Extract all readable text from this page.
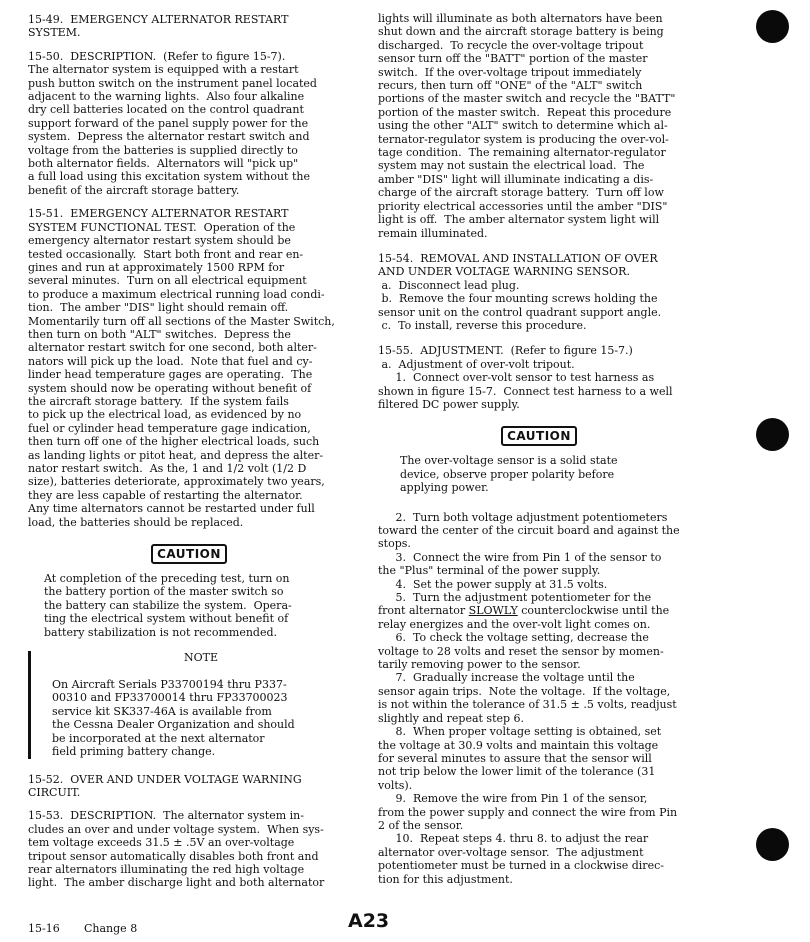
15-49.  EMERGENCY ALTERNATOR RESTART

SYSTEM.

15-50.  DESCRIPTION.  (Refer to figure 15-7).

The alternator system is equipped with a restart

push button switch on the instrument panel located

adjacent to the warning lights.  Also four alkaline

dry cell batteries located on the control quadrant

support forward of the panel supply power for the

system.  Depress the alternator restart switch and

voltage from the batteries is supplied directly to

both alternator fields.  Alternators will "pick up"

a full load using this excitation system without the

benefit of the aircraft storage battery.

15-51.  EMERGENCY ALTERNATOR RESTART

SYSTEM FUNCTIONAL TEST.  Operation of the

emergency alternator restart system should be

tested occasionally.  Start both front and rear en-

gines and run at approximately 1500 RPM for

several minutes.  Turn on all electrical equipment

to produce a maximum electrical running load condi-

tion.  The amber "DIS" light should remain off.

Momentarily turn off all sections of the Master Switch,

then turn on both "ALT" switches.  Depress the

alternator restart switch for one second, both alter-

nators will pick up the load.  Note that fuel and cy-

linder head temperature gages are operating.  The

system should now be operating without benefit of

the aircraft storage battery.  If the system fails

to pick up the electrical load, as evidenced by no

fuel or cylinder head temperature gage indication,

then turn off one of the higher electrical loads, such

as landing lights or pitot heat, and depress the alter-

nator restart switch.  As the, 1 and 1/2 volt (1/2 D

size), batteries deteriorate, approximately two years,

they are less capable of restarting the alternator.

Any time alternators cannot be restarted under full

load, the batteries should be replaced.

CAUTION

At completion of the preceding test, turn on

the battery portion of the master switch so

the battery can stabilize the system.  Opera-

ting the electrical system without benefit of

battery stabilization is not recommended.

NOTE

On Aircraft Serials P33700194 thru P337-

00310 and FP33700014 thru FP33700023

service kit SK337-46A is available from

the Cessna Dealer Organization and should

be incorporated at the next alternator

field priming battery change.

15-52.  OVER AND UNDER VOLTAGE WARNING

CIRCUIT.

15-53.  DESCRIPTION.  The alternator system in-

cludes an over and under voltage system.  When sys-

tem voltage exceeds 31.5 ± .5V an over-voltage

tripout sensor automatically disables both front and

rear alternators illuminating the red high voltage

light.  The amber discharge light and both alternator

lights will illuminate as both alternators have been

shut down and the aircraft storage battery is being

discharged.  To recycle the over-voltage tripout

sensor turn off the "BATT" portion of the master

switch.  If the over-voltage tripout immediately

recurs, then turn off "ONE" of the "ALT" switch

portions of the master switch and recycle the "BATT"

portion of the master switch.  Repeat this procedure

using the other "ALT" switch to determine which al-

ternator-regulator system is producing the over-vol-

tage condition.  The remaining alternator-regulator

system may not sustain the electrical load.  The

amber "DIS" light will illuminate indicating a dis-

charge of the aircraft storage battery.  Turn off low

priority electrical accessories until the amber "DIS"

light is off.  The amber alternator system light will

remain illuminated.

15-54.  REMOVAL AND INSTALLATION OF OVER

AND UNDER VOLTAGE WARNING SENSOR.

a.  Disconnect lead plug.

b.  Remove the four mounting screws holding the

sensor unit on the control quadrant support angle.

c.  To install, reverse this procedure.

15-55.  ADJUSTMENT.  (Refer to figure 15-7.)

a.  Adjustment of over-volt tripout.

1.  Connect over-volt sensor to test harness as

shown in figure 15-7.  Connect test harness to a well

filtered DC power supply.

CAUTION

The over-voltage sensor is a solid state

device, observe proper polarity before

applying power.

2.  Turn both voltage adjustment potentiometers

toward the center of the circuit board and against the

stops.

3.  Connect the wire from Pin 1 of the sensor to

the "Plus" terminal of the power supply.

4.  Set the power supply at 31.5 volts.

5.  Turn the adjustment potentiometer for the

front alternator SLOWLY counterclockwise until the

relay energizes and the over-volt light comes on.

6.  To check the voltage setting, decrease the

voltage to 28 volts and reset the sensor by momen-

tarily removing power to the sensor.

7.  Gradually increase the voltage until the

sensor again trips.  Note the voltage.  If the voltage,

is not within the tolerance of 31.5 ± .5 volts, readjust

slightly and repeat step 6.

8.  When proper voltage setting is obtained, set

the voltage at 30.9 volts and maintain this voltage

for several minutes to assure that the sensor will

not trip below the lower limit of the tolerance (31

volts).

9.  Remove the wire from Pin 1 of the sensor,

from the power supply and connect the wire from Pin

2 of the sensor.

10.  Repeat steps 4. thru 8. to adjust the rear

alternator over-voltage sensor.  The adjustment

potentiometer must be turned in a clockwise direc-

tion for this adjustment.

15-16 Change 8	A23
